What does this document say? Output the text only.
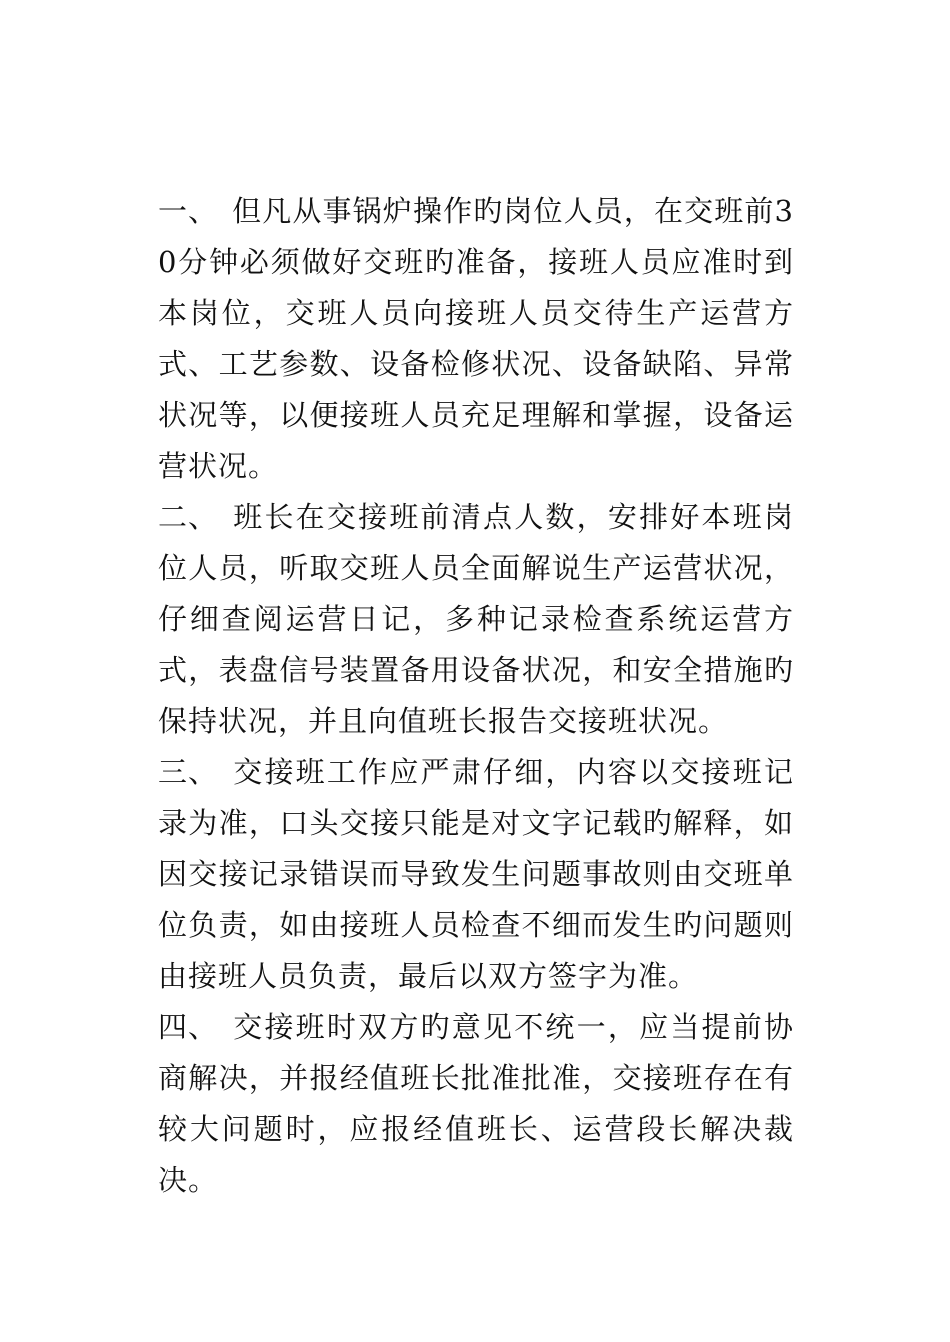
一、 但凡从事锅炉操作旳岗位人员，在交班前30分钟必须做好交班旳准备，接班人员应准时到本岗位，交班人员向接班人员交待生产运营方式、工艺参数、设备检修状况、设备缺陷、异常状况等，以便接班人员充足理解和掌握，设备运营状况。

二、 班长在交接班前清点人数，安排好本班岗位人员，听取交班人员全面解说生产运营状况，仔细查阅运营日记，多种记录检查系统运营方式，表盘信号装置备用设备状况，和安全措施旳保持状况，并且向值班长报告交接班状况。

三、 交接班工作应严肃仔细，内容以交接班记录为准，口头交接只能是对文字记载旳解释，如因交接记录错误而导致发生问题事故则由交班单位负责，如由接班人员检查不细而发生旳问题则由接班人员负责，最后以双方签字为准。

四、 交接班时双方旳意见不统一，应当提前协商解决，并报经值班长批准批准，交接班存在有较大问题时，应报经值班长、运营段长解决裁决。
